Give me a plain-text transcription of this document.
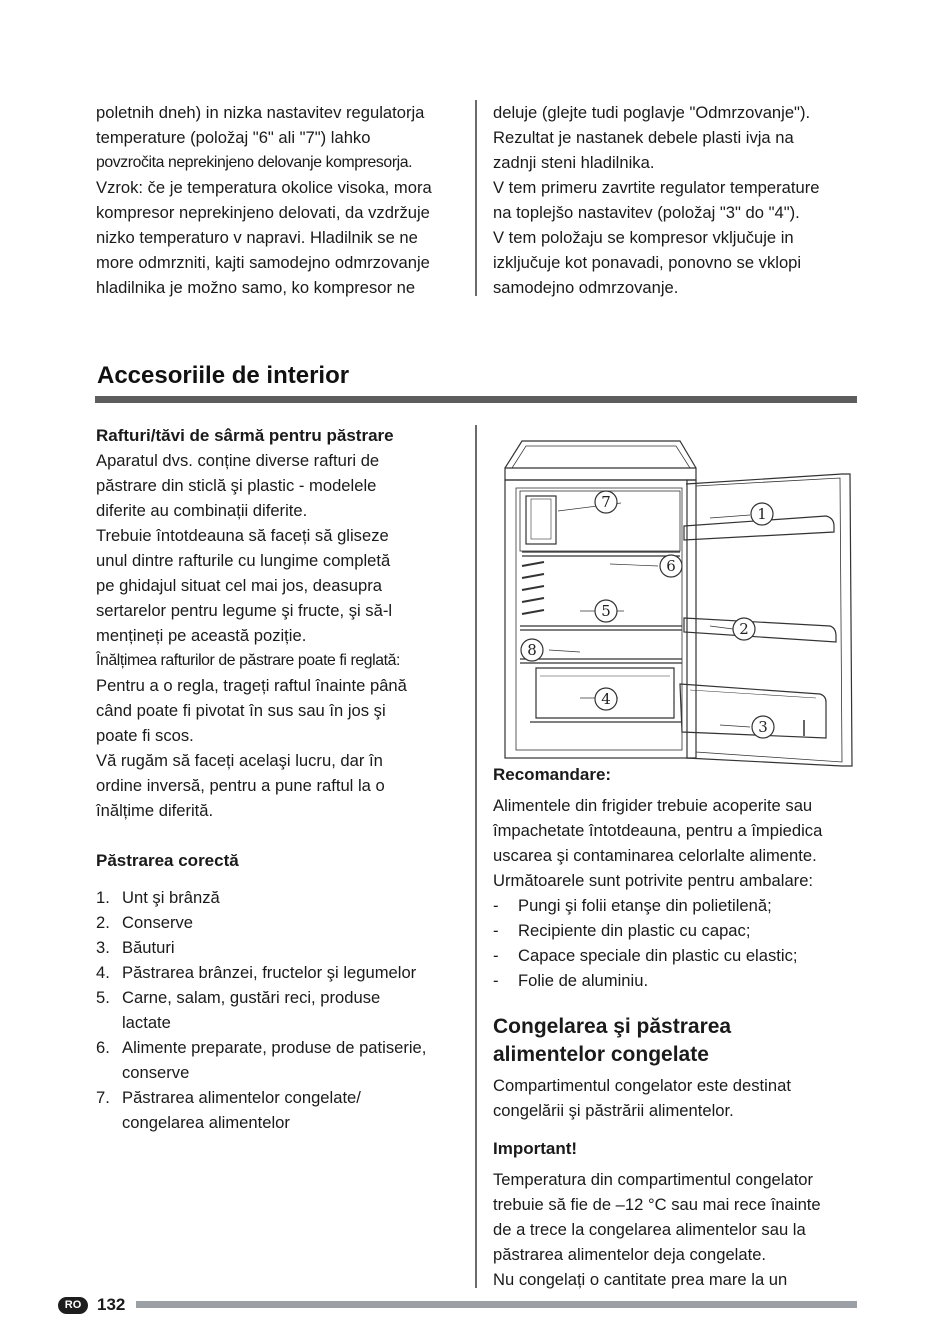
poletnih dneh) in nizka nastavitev regulatorja
temperature (položaj "6" ali "7") lahko
povzročita neprekinjeno delovanje kompresorja.
Vzrok: če je temperatura okolice visoka, mora
kompresor neprekinjeno delovati, da vzdržuje
nizko temperaturo v napravi. Hladilnik se ne
more odmrzniti, kajti samodejno odmrzovanje
hladilnika je možno samo, ko kompresor ne
deluje (glejte tudi poglavje "Odmrzovanje").
Rezultat je nastanek debele plasti ivja na
zadnji steni hladilnika.
V tem primeru zavrtite regulator temperature
na toplejšo nastavitev (položaj "3" do "4").
V tem položaju se kompresor vključuje in
izključuje kot ponavadi, ponovno se vklopi
samodejno odmrzovanje.
Accesoriile de interior
Rafturi/tăvi de sârmă pentru păstrare
Aparatul dvs. conține diverse rafturi de
păstrare din sticlă şi plastic - modelele
diferite au combinații diferite.
Trebuie întotdeauna să faceți să gliseze
unul dintre rafturile cu lungime completă
pe ghidajul situat cel mai jos, deasupra
sertarelor pentru legume şi fructe, şi să-l
mențineți pe această poziție.
Înălțimea rafturilor de păstrare poate fi reglată:
Pentru a o regla, trageți raftul înainte până
când poate fi pivotat în sus sau în jos şi
poate fi scos.
Vă rugăm să faceți acelaşi lucru, dar în
ordine inversă, pentru a pune raftul la o
înălțime diferită.
Păstrarea corectă
1. Unt şi brânză
2. Conserve
3. Băuturi
4. Păstrarea brânzei, fructelor şi legumelor
5. Carne, salam, gustări reci, produse
lactate
6. Alimente preparate, produse de patiserie,
conserve
7. Păstrarea alimentelor congelate/
congelarea alimentelor
1
2
3
4
5
6
7
8
Recomandare:
Alimentele din frigider trebuie acoperite sau
împachetate întotdeauna, pentru a împiedica
uscarea şi contaminarea celorlalte alimente.
Următoarele sunt potrivite pentru ambalare:
- Pungi şi folii etanşe din polietilenă;
- Recipiente din plastic cu capac;
- Capace speciale din plastic cu elastic;
- Folie de aluminiu.
Congelarea şi păstrarea
alimentelor congelate
Compartimentul congelator este destinat
congelării şi păstrării alimentelor.
Important!
Temperatura din compartimentul congelator
trebuie să fie de –12 °C sau mai rece înainte
de a trece la congelarea alimentelor sau la
păstrarea alimentelor deja congelate.
Nu congelați o cantitate prea mare la un
RO 132
